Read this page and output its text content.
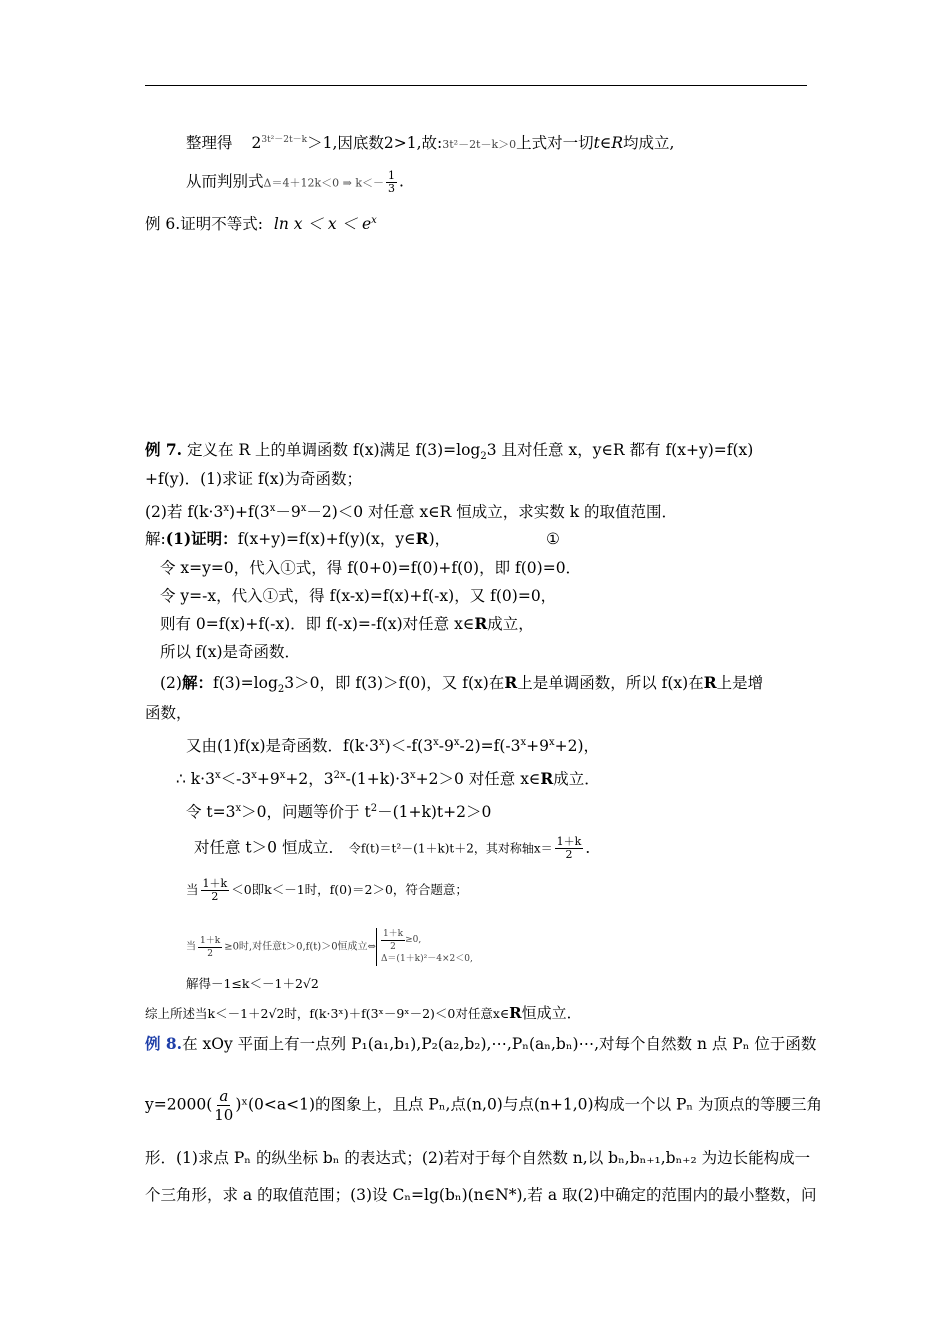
整理得 $2^{3t^2-2t-k}>1$,因底数2>1,故:3t²－2t－k＞0上式对一切t∈R均成立,
从而判别式Δ＝4＋12k＜0 ⇒ $k<- \frac{1}{3}$ .
例 6.证明不等式: $\ln x < x < e^x$
例 7. 定义在 R 上的单调函数 f(x)满足 $f(3)=\log_23$ 且对任意 x，y∈R 都有 f(x+y)=f(x)
+f(y)．(1)求证 f(x)为奇函数；
(2)若 $f(k\cdot 3^x)+f(3^x-9^x-2)<0$ 对任意 x∈R 恒成立，求实数 k 的取值范围．
解:(1)证明：f(x+y)=f(x)+f(y)(x，y∈R)，	①
令 x=y=0，代入①式，得 f(0+0)=f(0)+f(0)，即 f(0)=0．
令 y=-x，代入①式，得 f(x-x)=f(x)+f(-x)，又 f(0)=0，
则有 0=f(x)+f(-x)．即 f(-x)=-f(x)对任意 x∈R成立，
所以 f(x)是奇函数．
(2)解：$f(3)=\log_23>0$，即 f(3)＞f(0)，又 f(x)在R上是单调函数，所以 f(x)在R上是增
函数，
又由(1)f(x)是奇函数．$f(k\cdot 3^x)<-f(3^x-9^x-2)=f(-3^x+9^x+2)$，
∴ $k\cdot 3^x<-3^x+9^x+2$，$3^{2x}-(1+k)\cdot 3^x+2>0$ 对任意 x∈R成立．
令 $t=3^x>0$，问题等价于 $t^2-(1+k)t+2>0$
对任意 t＞0 恒成立． 令f(t)＝t²－(1＋k)t＋2，其对称轴$x= \frac{1+k}{2}$ ．
当 $\frac{1+k}{2} <0$即k＜－1时，f(0)＝2＞0，符合题意；
当 $\frac{1+k}{2} \ge 0$时,对任意t＞0,f(t)＞0恒成立⇔ $\frac{1+k}{2} \ge 0$,

Δ＝(1＋k)²－4×2＜0,
解得－1≤k＜－1＋2√2
综上所述当k＜－1＋2√2时，f(k·3ˣ)＋f(3ˣ－9ˣ－2)＜0对任意x∈R恒成立．
例 8.在 xOy 平面上有一点列 P₁(a₁,b₁),P₂(a₂,b₂),⋯,Pₙ(aₙ,bₙ)⋯,对每个自然数 n 点 Pₙ 位于函数
$y=2000( \frac{a}{10}$ )ˣ(0<a<1)的图象上，且点 Pₙ,点(n,0)与点(n+1,0)构成一个以 Pₙ 为顶点的等腰三角
形．(1)求点 Pₙ 的纵坐标 bₙ 的表达式；(2)若对于每个自然数 n,以 bₙ,bₙ₊₁,bₙ₊₂ 为边长能构成一
个三角形，求 a 的取值范围；(3)设 Cₙ=lg(bₙ)(n∈N*),若 a 取(2)中确定的范围内的最小整数，问
